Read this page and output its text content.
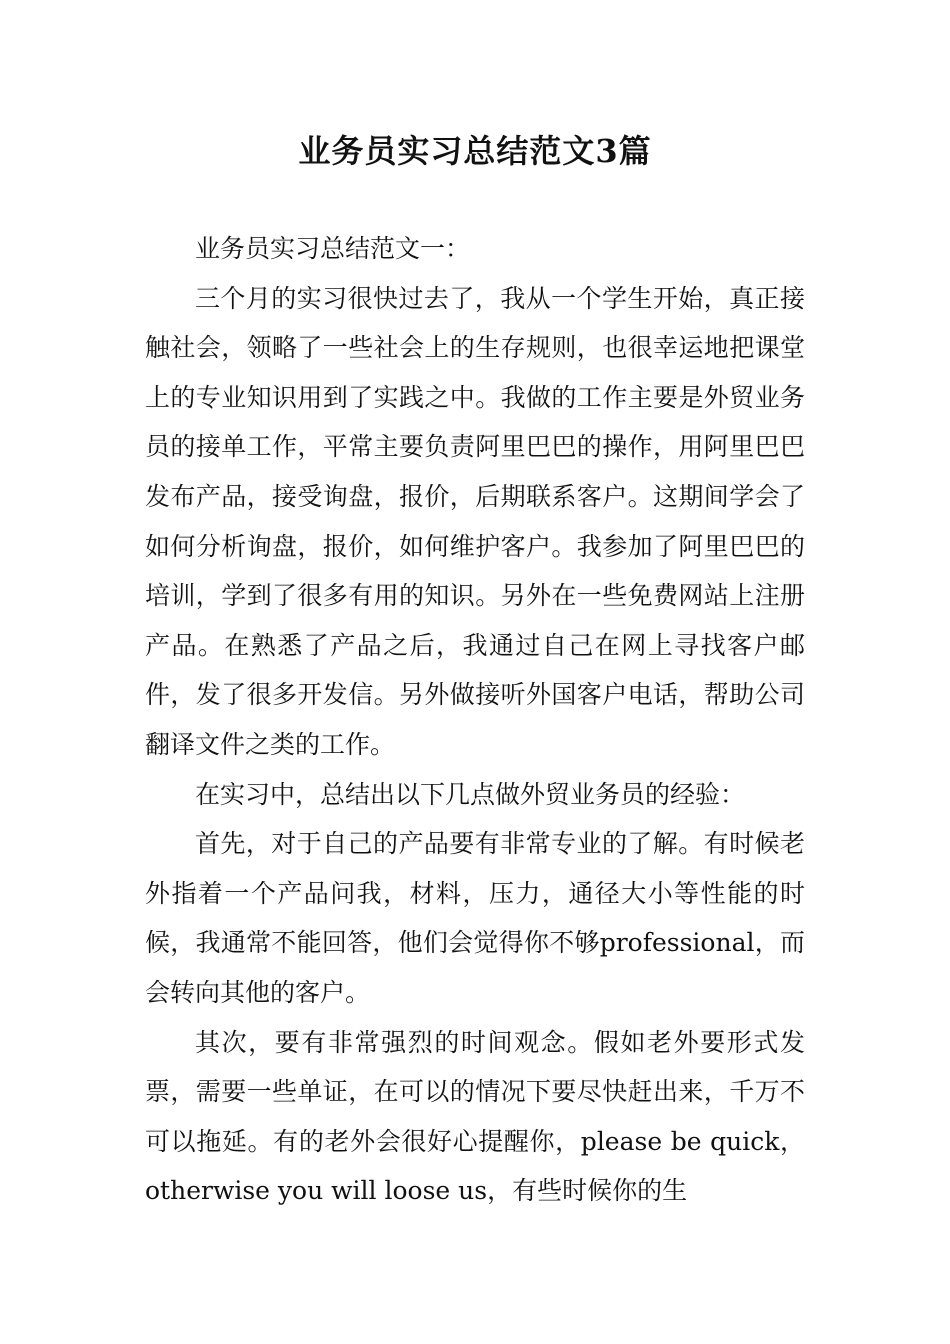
业务员实习总结范文3篇

业务员实习总结范文一：

三个月的实习很快过去了，我从一个学生开始，真正接触社会，领略了一些社会上的生存规则，也很幸运地把课堂上的专业知识用到了实践之中。我做的工作主要是外贸业务员的接单工作，平常主要负责阿里巴巴的操作，用阿里巴巴发布产品，接受询盘，报价，后期联系客户。这期间学会了如何分析询盘，报价，如何维护客户。我参加了阿里巴巴的培训，学到了很多有用的知识。另外在一些免费网站上注册产品。在熟悉了产品之后，我通过自己在网上寻找客户邮件，发了很多开发信。另外做接听外国客户电话，帮助公司翻译文件之类的工作。

在实习中，总结出以下几点做外贸业务员的经验：

首先，对于自己的产品要有非常专业的了解。有时候老外指着一个产品问我，材料，压力，通径大小等性能的时候，我通常不能回答，他们会觉得你不够professional，而会转向其他的客户。

其次，要有非常强烈的时间观念。假如老外要形式发票，需要一些单证，在可以的情况下要尽快赶出来，千万不可以拖延。有的老外会很好心提醒你，please be quick，otherwise you will loose us，有些时候你的生
